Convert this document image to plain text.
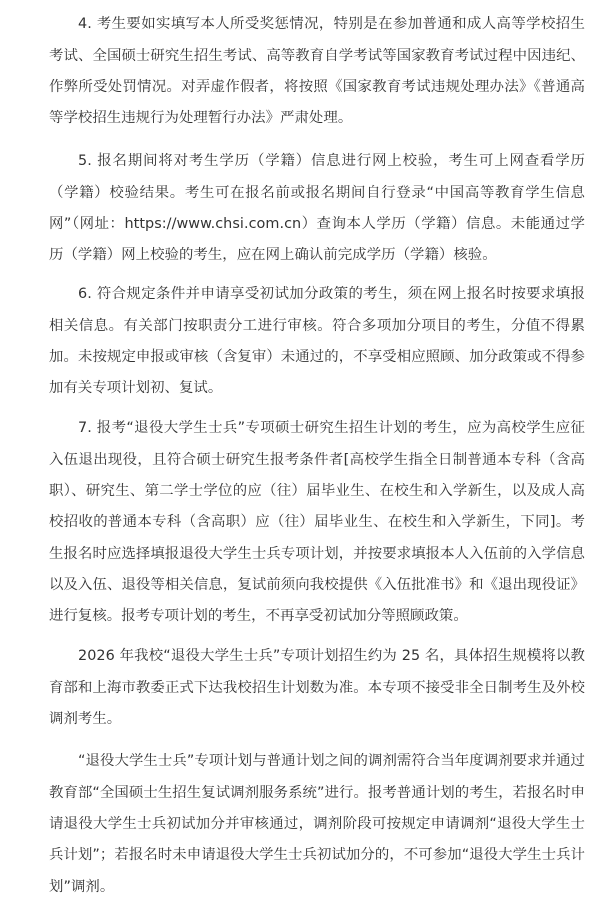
4. 考生要如实填写本人所受奖惩情况，特别是在参加普通和成人高等学校招生考试、全国硕士研究生招生考试、高等教育自学考试等国家教育考试过程中因违纪、作弊所受处罚情况。对弄虚作假者，将按照《国家教育考试违规处理办法》《普通高等学校招生违规行为处理暂行办法》严肃处理。

5. 报名期间将对考生学历（学籍）信息进行网上校验，考生可上网查看学历（学籍）校验结果。考生可在报名前或报名期间自行登录“中国高等教育学生信息网”（网址：https://www.chsi.com.cn）查询本人学历（学籍）信息。未能通过学历（学籍）网上校验的考生，应在网上确认前完成学历（学籍）核验。

6. 符合规定条件并申请享受初试加分政策的考生，须在网上报名时按要求填报相关信息。有关部门按职责分工进行审核。符合多项加分项目的考生，分值不得累加。未按规定申报或审核（含复审）未通过的，不享受相应照顾、加分政策或不得参加有关专项计划初、复试。

7. 报考“退役大学生士兵”专项硕士研究生招生计划的考生，应为高校学生应征入伍退出现役，且符合硕士研究生报考条件者[高校学生指全日制普通本专科（含高职）、研究生、第二学士学位的应（往）届毕业生、在校生和入学新生，以及成人高校招收的普通本专科（含高职）应（往）届毕业生、在校生和入学新生，下同]。考生报名时应选择填报退役大学生士兵专项计划，并按要求填报本人入伍前的入学信息以及入伍、退役等相关信息，复试前须向我校提供《入伍批准书》和《退出现役证》进行复核。报考专项计划的考生，不再享受初试加分等照顾政策。

2026 年我校“退役大学生士兵”专项计划招生约为 25 名，具体招生规模将以教育部和上海市教委正式下达我校招生计划数为准。本专项不接受非全日制考生及外校调剂考生。

“退役大学生士兵”专项计划与普通计划之间的调剂需符合当年度调剂要求并通过教育部“全国硕士生招生复试调剂服务系统”进行。报考普通计划的考生，若报名时申请退役大学生士兵初试加分并审核通过，调剂阶段可按规定申请调剂“退役大学生士兵计划”；若报名时未申请退役大学生士兵初试加分的，不可参加“退役大学生士兵计划”调剂。
